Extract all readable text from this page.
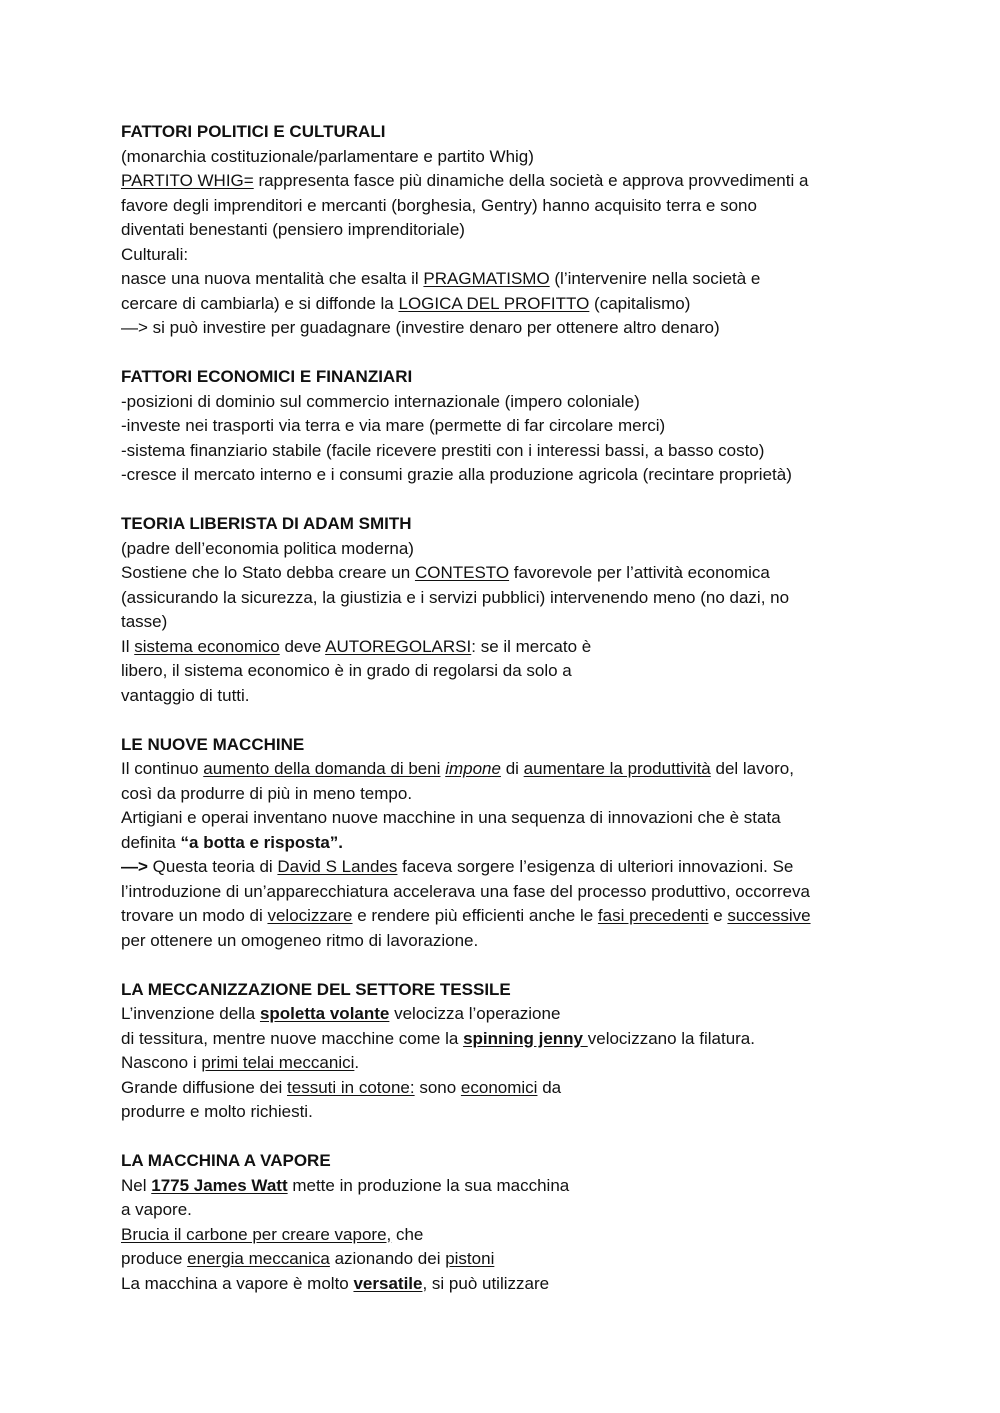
FATTORI POLITICI E CULTURALI
(monarchia costituzionale/parlamentare e partito Whig)
PARTITO WHIG= rappresenta fasce più dinamiche della società e approva provvedimenti a
favore degli imprenditori e mercanti (borghesia, Gentry) hanno acquisito terra e sono
diventati benestanti (pensiero imprenditoriale)
Culturali:
nasce una nuova mentalità che esalta il PRAGMATISMO (l’intervenire nella società e
cercare di cambiarla) e si diffonde la LOGICA DEL PROFITTO (capitalismo)
—> si può investire per guadagnare (investire denaro per ottenere altro denaro)
FATTORI ECONOMICI E FINANZIARI
-posizioni di dominio sul commercio internazionale (impero coloniale)
-investe nei trasporti via terra e via mare (permette di far circolare merci)
-sistema finanziario stabile (facile ricevere prestiti con i interessi bassi, a basso costo)
-cresce il mercato interno e i consumi grazie alla produzione agricola (recintare proprietà)
TEORIA LIBERISTA DI ADAM SMITH
(padre dell’economia politica moderna)
Sostiene che lo Stato debba creare un CONTESTO favorevole per l’attività economica
(assicurando la sicurezza, la giustizia e i servizi pubblici) intervenendo meno (no dazi, no
tasse)
Il sistema economico deve AUTOREGOLARSI: se il mercato è
libero, il sistema economico è in grado di regolarsi da solo a
vantaggio di tutti.
LE NUOVE MACCHINE
Il continuo aumento della domanda di beni impone di aumentare la produttività del lavoro,
così da produrre di più in meno tempo.
Artigiani e operai inventano nuove macchine in una sequenza di innovazioni che è stata
definita “a botta e risposta”.
—> Questa teoria di David S Landes faceva sorgere l’esigenza di ulteriori innovazioni. Se
l’introduzione di un’apparecchiatura accelerava una fase del processo produttivo, occorreva
trovare un modo di velocizzare e rendere più efficienti anche le fasi precedenti e successive
per ottenere un omogeneo ritmo di lavorazione.
LA MECCANIZZAZIONE DEL SETTORE TESSILE
L’invenzione della spoletta volante velocizza l’operazione
di tessitura, mentre nuove macchine come la spinning jenny velocizzano la filatura.
Nascono i primi telai meccanici.
Grande diffusione dei tessuti in cotone: sono economici da
produrre e molto richiesti.
LA MACCHINA A VAPORE
Nel 1775 James Watt mette in produzione la sua macchina
a vapore.
Brucia il carbone per creare vapore, che
produce energia meccanica azionando dei pistoni
La macchina a vapore è molto versatile, si può utilizzare
